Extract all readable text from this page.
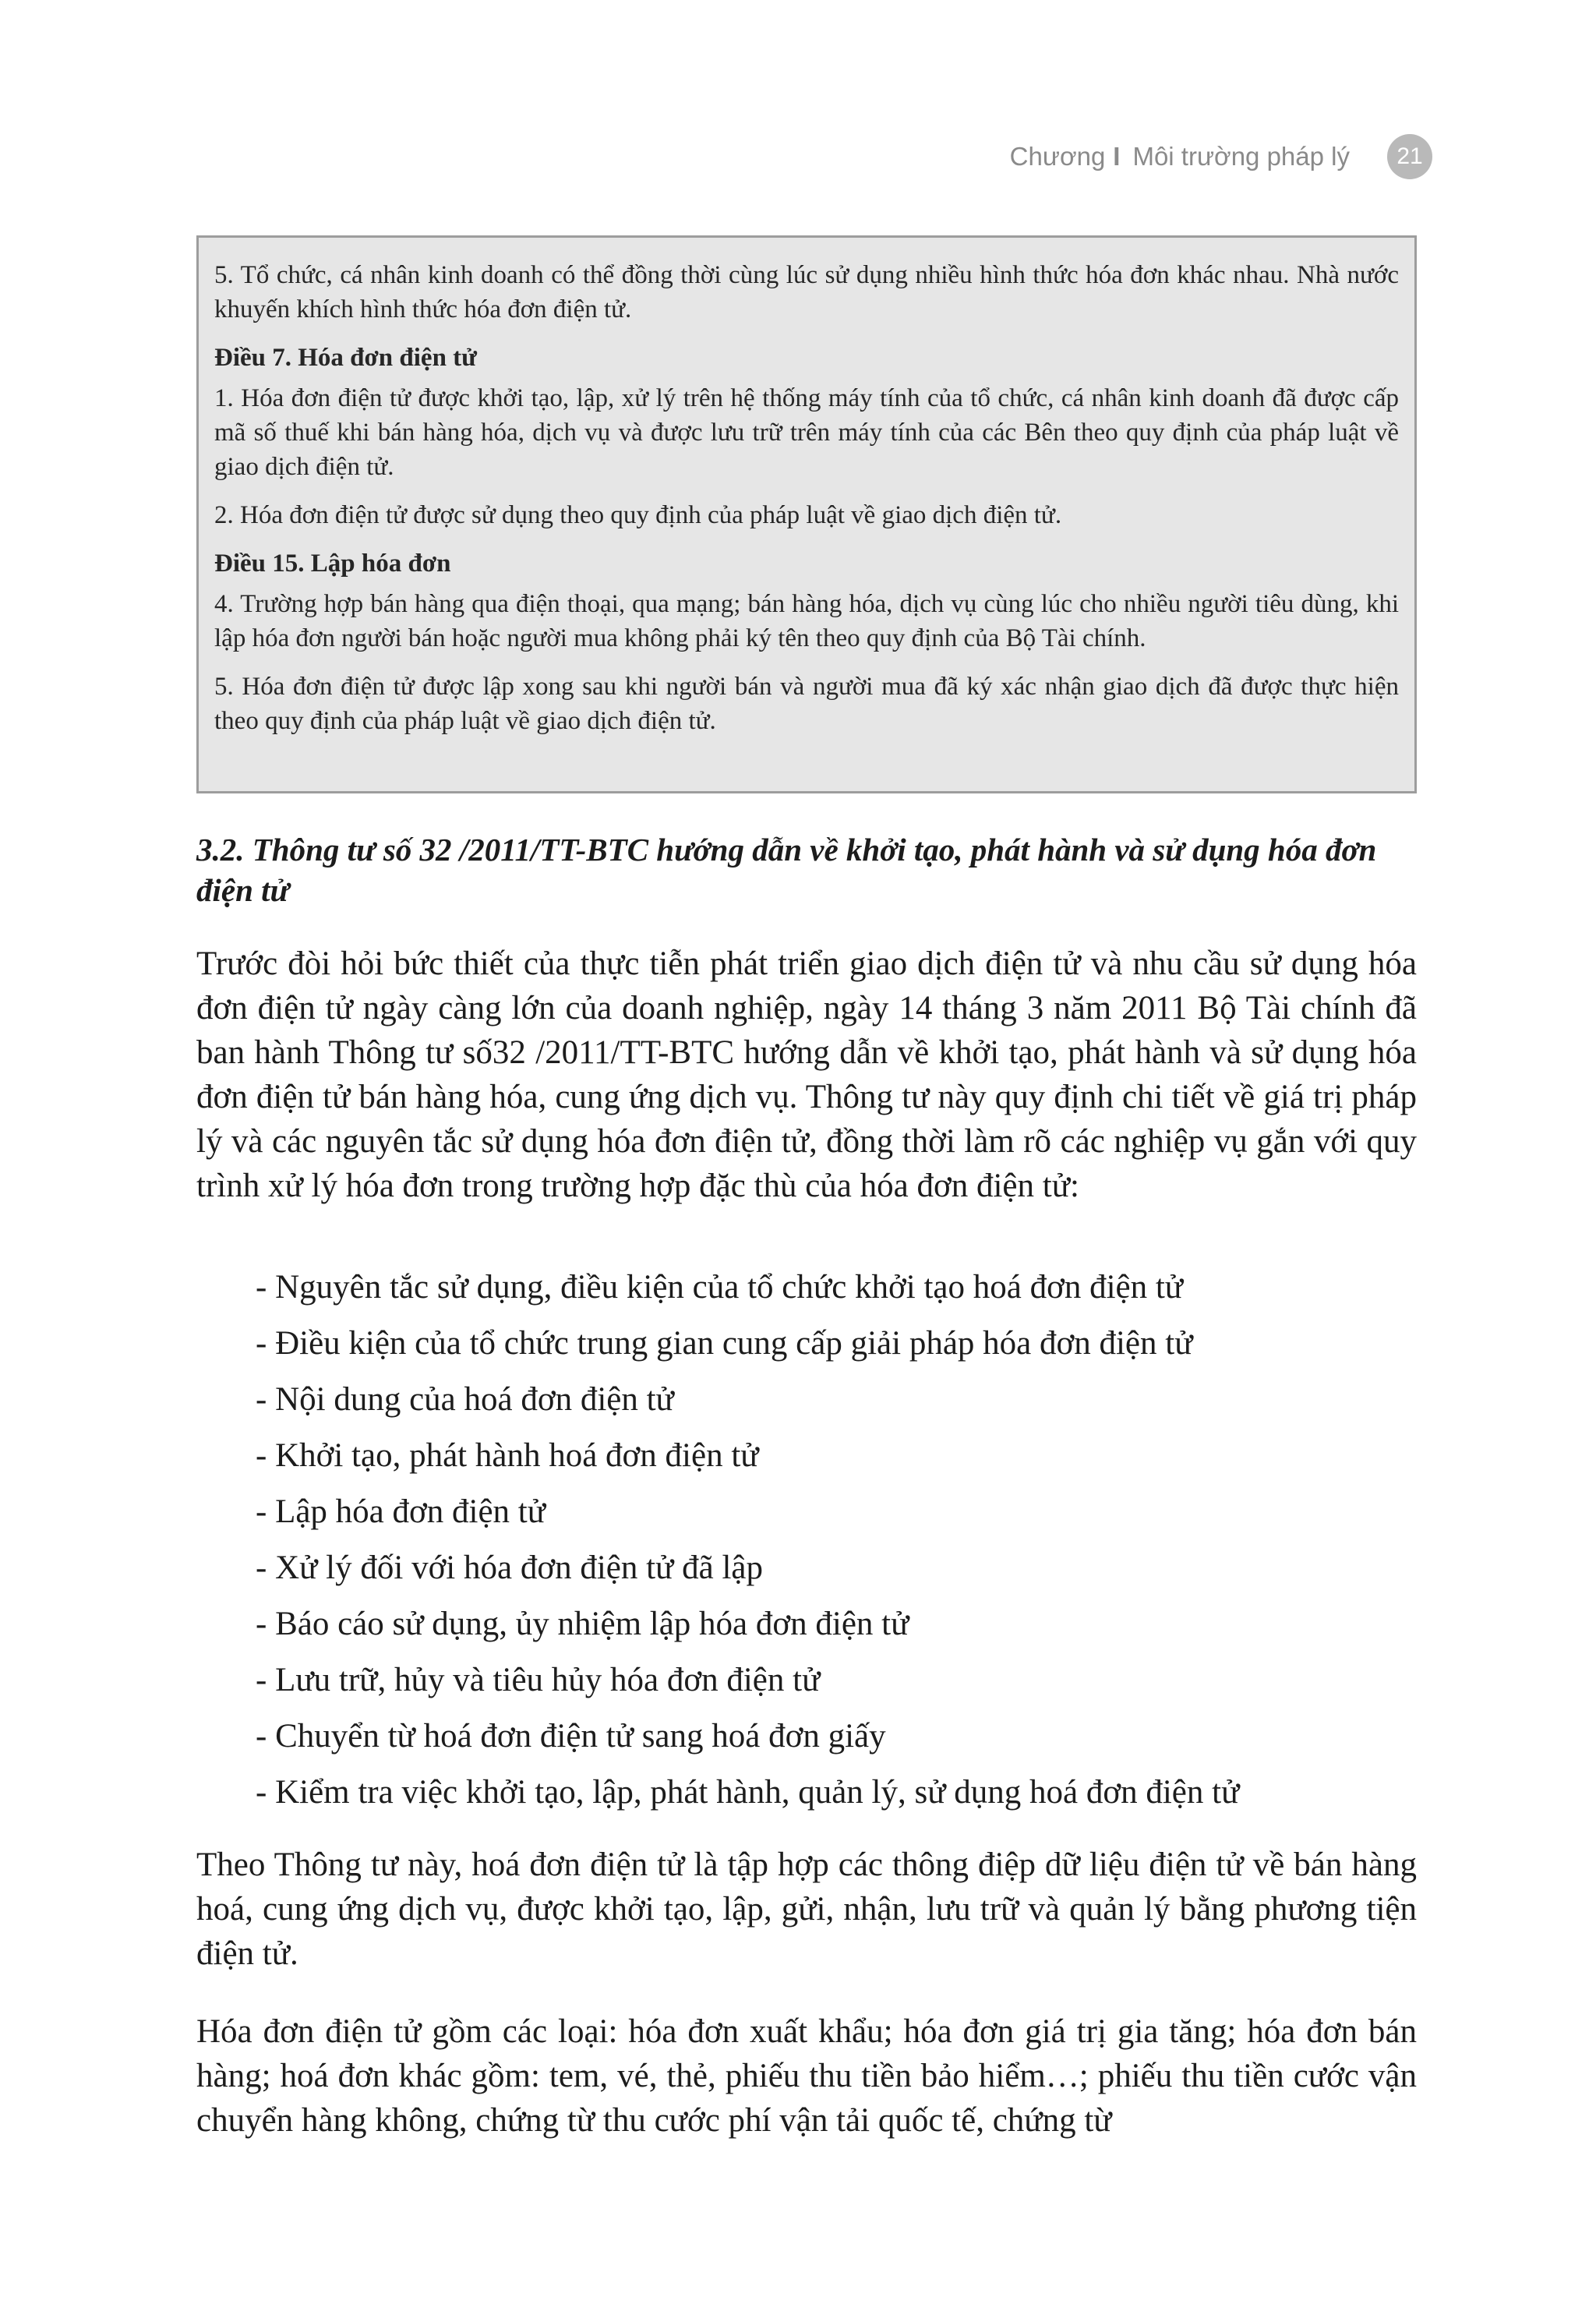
Chương I Môi trường pháp lý 21

5. Tổ chức, cá nhân kinh doanh có thể đồng thời cùng lúc sử dụng nhiều hình thức hóa đơn khác nhau. Nhà nước khuyến khích hình thức hóa đơn điện tử.

Điều 7. Hóa đơn điện tử

1. Hóa đơn điện tử được khởi tạo, lập, xử lý trên hệ thống máy tính của tổ chức, cá nhân kinh doanh đã được cấp mã số thuế khi bán hàng hóa, dịch vụ và được lưu trữ trên máy tính của các Bên theo quy định của pháp luật về giao dịch điện tử.

2. Hóa đơn điện tử được sử dụng theo quy định của pháp luật về giao dịch điện tử.

Điều 15. Lập hóa đơn

4. Trường hợp bán hàng qua điện thoại, qua mạng; bán hàng hóa, dịch vụ cùng lúc cho nhiều người tiêu dùng, khi lập hóa đơn người bán hoặc người mua không phải ký tên theo quy định của Bộ Tài chính.

5. Hóa đơn điện tử được lập xong sau khi người bán và người mua đã ký xác nhận giao dịch đã được thực hiện theo quy định của pháp luật về giao dịch điện tử.

3.2. Thông tư số 32 /2011/TT-BTC hướng dẫn về khởi tạo, phát hành và sử dụng hóa đơn điện tử

Trước đòi hỏi bức thiết của thực tiễn phát triển giao dịch điện tử và nhu cầu sử dụng hóa đơn điện tử ngày càng lớn của doanh nghiệp, ngày 14 tháng 3 năm 2011 Bộ Tài chính đã ban hành Thông tư số32 /2011/TT-BTC hướng dẫn về khởi tạo, phát hành và sử dụng hóa đơn điện tử bán hàng hóa, cung ứng dịch vụ. Thông tư này quy định chi tiết về giá trị pháp lý và các nguyên tắc sử dụng hóa đơn điện tử, đồng thời làm rõ các nghiệp vụ gắn với quy trình xử lý hóa đơn trong trường hợp đặc thù của hóa đơn điện tử:

- Nguyên tắc sử dụng, điều kiện của tổ chức khởi tạo hoá đơn điện tử
- Điều kiện của tổ chức trung gian cung cấp giải pháp hóa đơn điện tử
- Nội dung của hoá đơn điện tử
- Khởi tạo, phát hành hoá đơn điện tử
- Lập hóa đơn điện tử
- Xử lý đối với hóa đơn điện tử đã lập
- Báo cáo sử dụng, ủy nhiệm lập hóa đơn điện tử
- Lưu trữ, hủy và tiêu hủy hóa đơn điện tử
- Chuyển từ hoá đơn điện tử sang hoá đơn giấy
- Kiểm tra việc khởi tạo, lập, phát hành, quản lý, sử dụng hoá đơn điện tử

Theo Thông tư này, hoá đơn điện tử là tập hợp các thông điệp dữ liệu điện tử về bán hàng hoá, cung ứng dịch vụ, được khởi tạo, lập, gửi, nhận, lưu trữ và quản lý bằng phương tiện điện tử.

Hóa đơn điện tử gồm các loại: hóa đơn xuất khẩu; hóa đơn giá trị gia tăng; hóa đơn bán hàng; hoá đơn khác gồm: tem, vé, thẻ, phiếu thu tiền bảo hiểm…; phiếu thu tiền cước vận chuyển hàng không, chứng từ thu cước phí vận tải quốc tế, chứng từ
